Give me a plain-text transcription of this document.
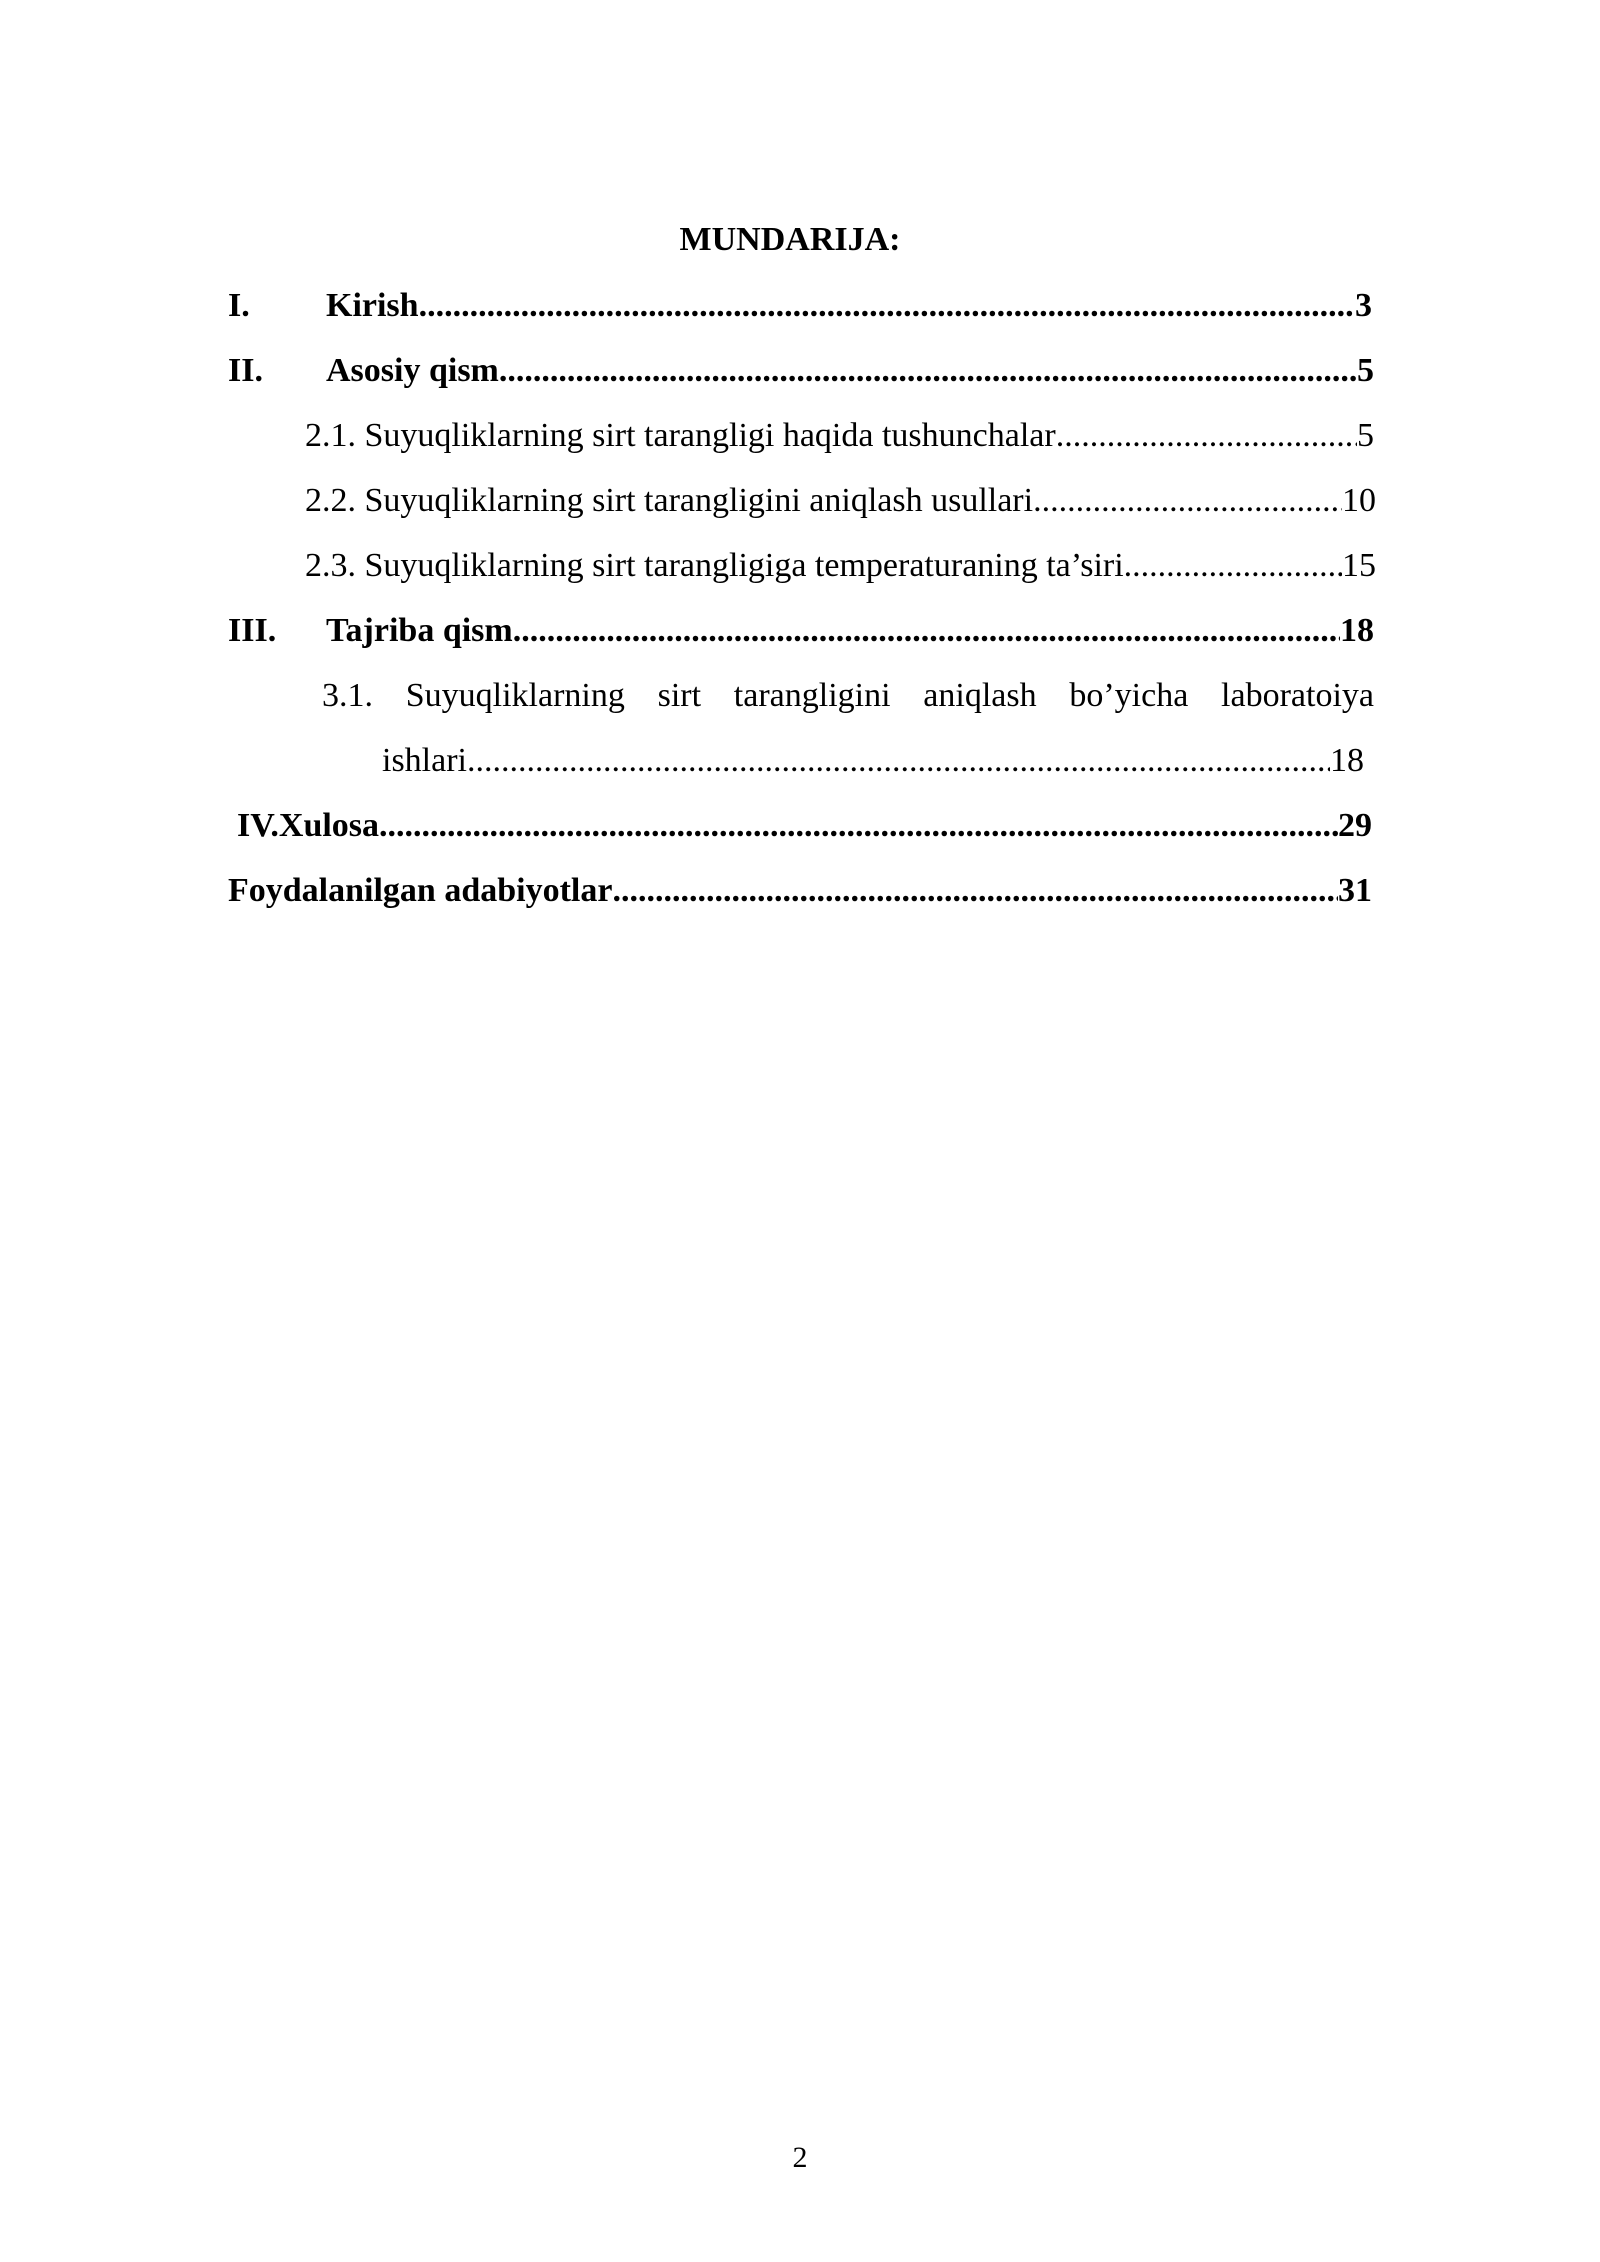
MUNDARIJA:
I.	Kirish .....	3
II.	Asosiy qism .....	5
2.1. Suyuqliklarning sirt tarangligi haqida tushunchalar .....	5
2.2. Suyuqliklarning sirt tarangligini aniqlash usullari .....	10
2.3. Suyuqliklarning sirt tarangligiga temperaturaning ta’siri .....	15
III.	Tajriba qism .....	18
3.1. Suyuqliklarning sirt tarangligini aniqlash bo’yicha laboratoiya
ishlari .....	18
IV.Xulosa .....	29
Foydalanilgan adabiyotlar .....	31
2
